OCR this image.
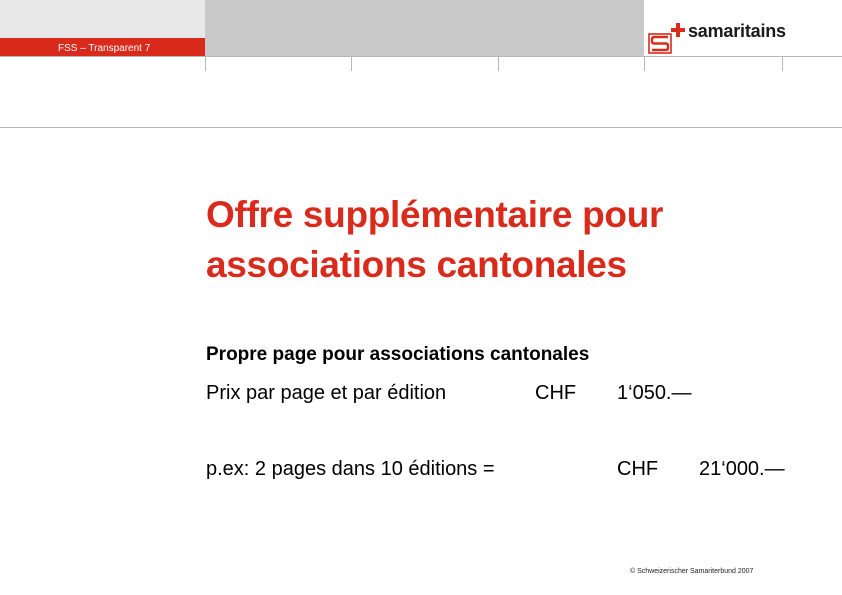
FSS – Transparent 7
samaritains
Offre supplémentaire pour
associations cantonales
Propre page pour associations cantonales
Prix par page et par édition	CHF 1‘050.—
p.ex: 2 pages dans 10 éditions =	CHF 21‘000.—
© Schweizerischer Samariterbund 2007
